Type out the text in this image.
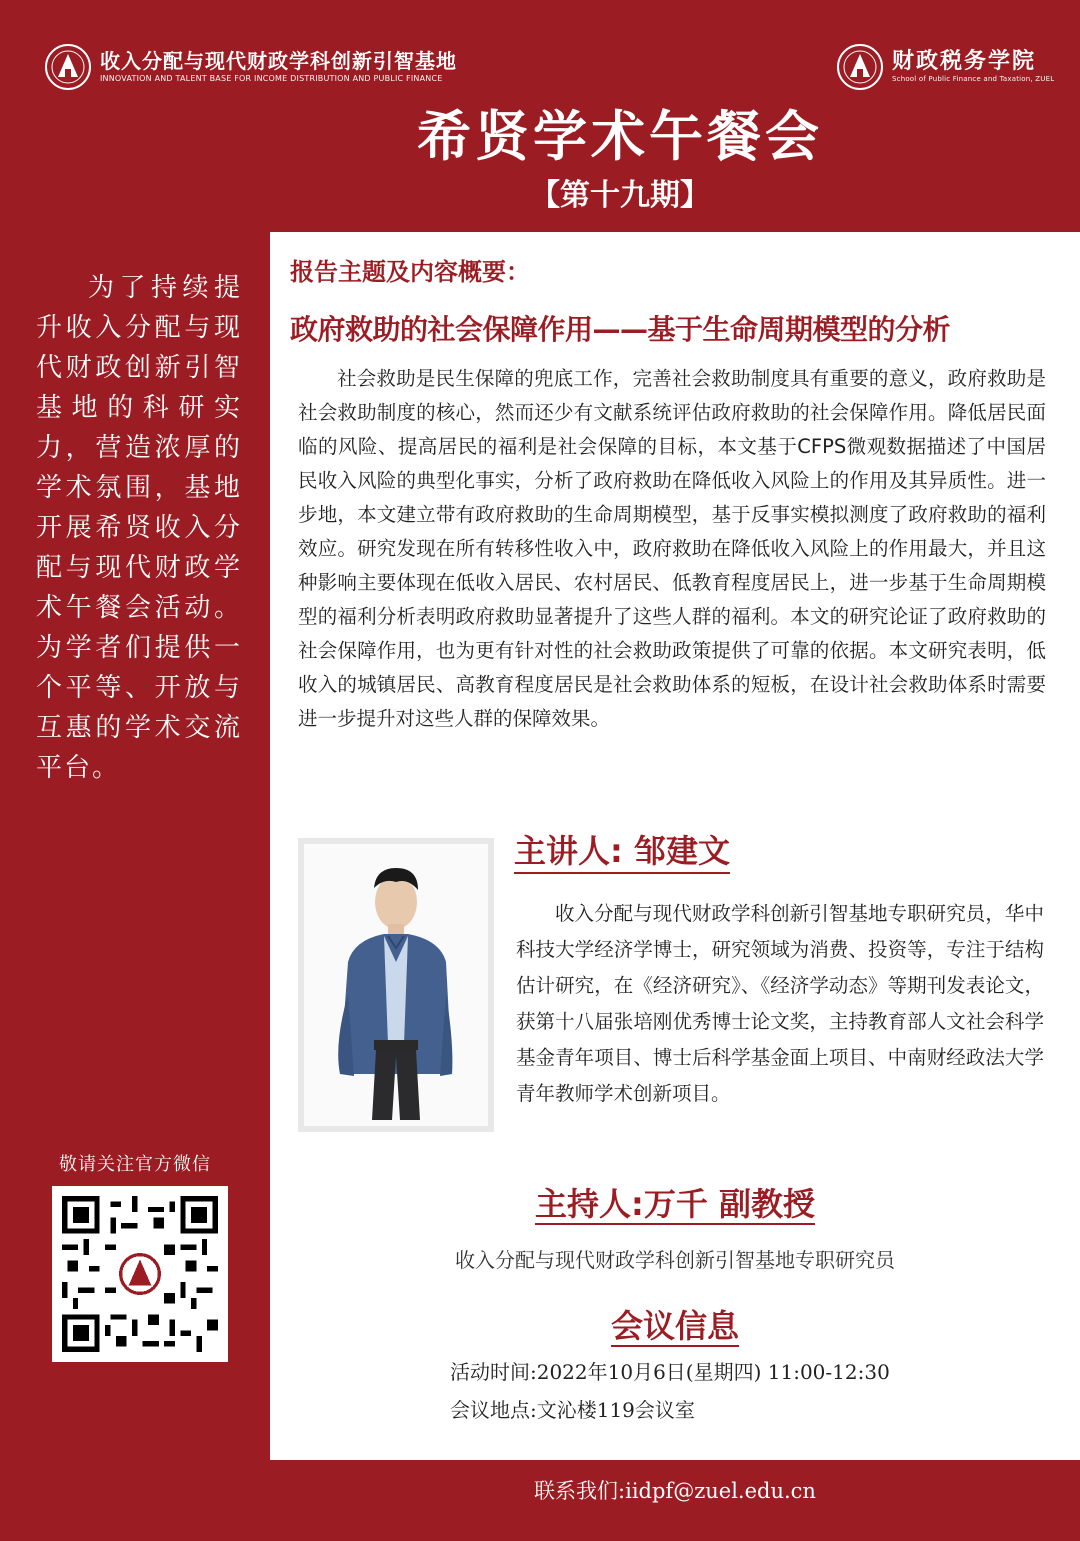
收入分配与现代财政学科创新引智基地
INNOVATION AND TALENT BASE FOR INCOME DISTRIBUTION AND PUBLIC FINANCE
财政税务学院
School of Public Finance and Taxation, ZUEL
希贤学术午餐会
【第十九期】
为了持续提升收入分配与现代财政创新引智基地的科研实力，营造浓厚的学术氛围，基地开展希贤收入分配与现代财政学术午餐会活动。为学者们提供一个平等、开放与互惠的学术交流平台。
敬请关注官方微信
报告主题及内容概要：
政府救助的社会保障作用——基于生命周期模型的分析
社会救助是民生保障的兜底工作，完善社会救助制度具有重要的意义，政府救助是社会救助制度的核心，然而还少有文献系统评估政府救助的社会保障作用。降低居民面临的风险、提高居民的福利是社会保障的目标，本文基于CFPS微观数据描述了中国居民收入风险的典型化事实，分析了政府救助在降低收入风险上的作用及其异质性。进一步地，本文建立带有政府救助的生命周期模型，基于反事实模拟测度了政府救助的福利效应。研究发现在所有转移性收入中，政府救助在降低收入风险上的作用最大，并且这种影响主要体现在低收入居民、农村居民、低教育程度居民上，进一步基于生命周期模型的福利分析表明政府救助显著提升了这些人群的福利。本文的研究论证了政府救助的社会保障作用，也为更有针对性的社会救助政策提供了可靠的依据。本文研究表明，低收入的城镇居民、高教育程度居民是社会救助体系的短板，在设计社会救助体系时需要进一步提升对这些人群的保障效果。
主讲人: 邹建文
收入分配与现代财政学科创新引智基地专职研究员，华中科技大学经济学博士，研究领域为消费、投资等，专注于结构估计研究，在《经济研究》、《经济学动态》等期刊发表论文，获第十八届张培刚优秀博士论文奖，主持教育部人文社会科学基金青年项目、博士后科学基金面上项目、中南财经政法大学青年教师学术创新项目。
主持人:万千 副教授
收入分配与现代财政学科创新引智基地专职研究员
会议信息
活动时间:2022年10月6日(星期四) 11:00-12:30
会议地点:文沁楼119会议室
联系我们:iidpf@zuel.edu.cn
